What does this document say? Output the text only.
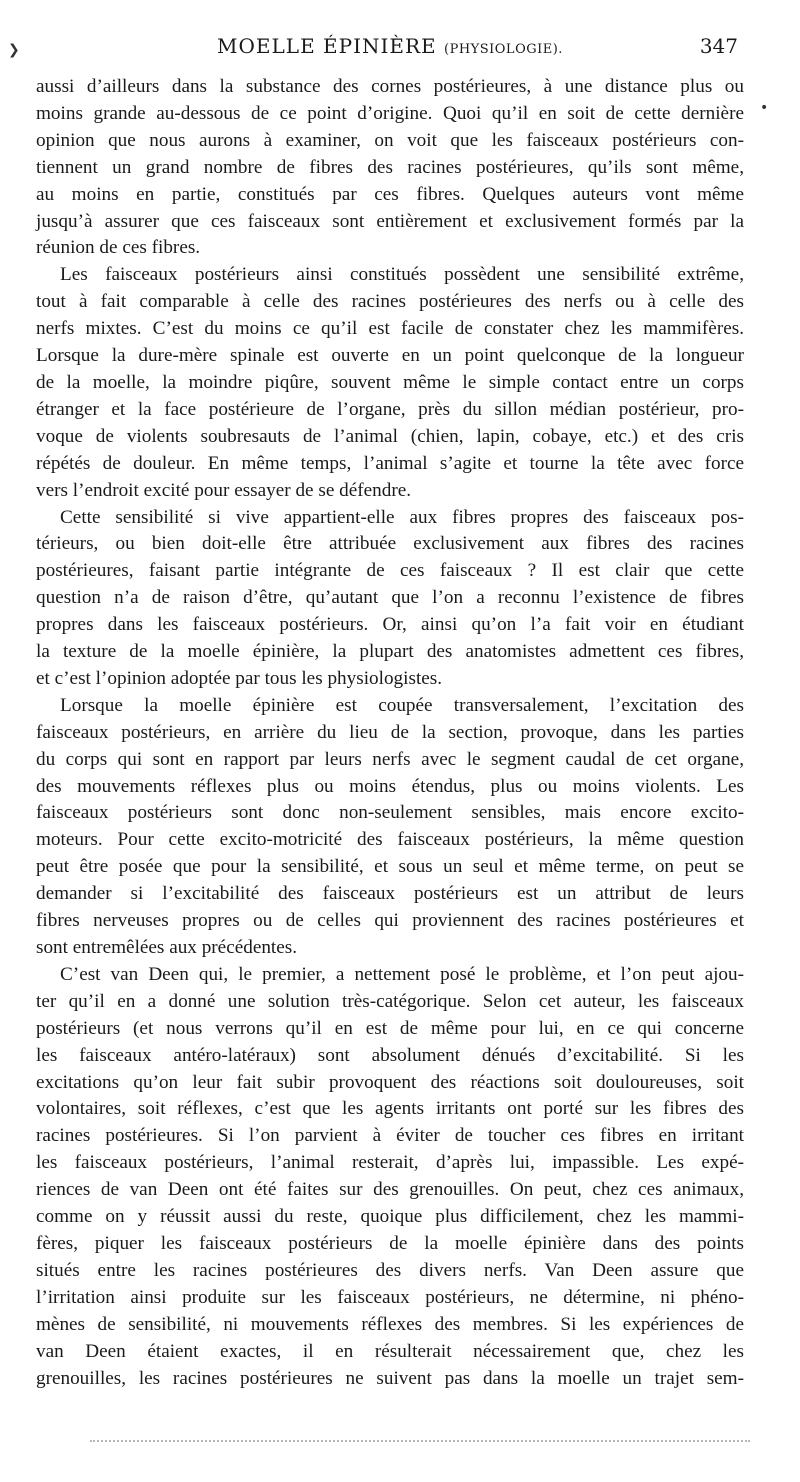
❯
•
MOELLE ÉPINIÈRE (PHYSIOLOGIE).	347
aussi d’ailleurs dans la substance des cornes postérieures, à une distance plus ou
moins grande au-dessous de ce point d’origine. Quoi qu’il en soit de cette dernière
opinion que nous aurons à examiner, on voit que les faisceaux postérieurs con-
tiennent un grand nombre de fibres des racines postérieures, qu’ils sont même,
au moins en partie, constitués par ces fibres. Quelques auteurs vont même
jusqu’à assurer que ces faisceaux sont entièrement et exclusivement formés par la
réunion de ces fibres.
Les faisceaux postérieurs ainsi constitués possèdent une sensibilité extrême,
tout à fait comparable à celle des racines postérieures des nerfs ou à celle des
nerfs mixtes. C’est du moins ce qu’il est facile de constater chez les mammifères.
Lorsque la dure-mère spinale est ouverte en un point quelconque de la longueur
de la moelle, la moindre piqûre, souvent même le simple contact entre un corps
étranger et la face postérieure de l’organe, près du sillon médian postérieur, pro-
voque de violents soubresauts de l’animal (chien, lapin, cobaye, etc.) et des cris
répétés de douleur. En même temps, l’animal s’agite et tourne la tête avec force
vers l’endroit excité pour essayer de se défendre.
Cette sensibilité si vive appartient-elle aux fibres propres des faisceaux pos-
térieurs, ou bien doit-elle être attribuée exclusivement aux fibres des racines
postérieures, faisant partie intégrante de ces faisceaux ? Il est clair que cette
question n’a de raison d’être, qu’autant que l’on a reconnu l’existence de fibres
propres dans les faisceaux postérieurs. Or, ainsi qu’on l’a fait voir en étudiant
la texture de la moelle épinière, la plupart des anatomistes admettent ces fibres,
et c’est l’opinion adoptée par tous les physiologistes.
Lorsque la moelle épinière est coupée transversalement, l’excitation des
faisceaux postérieurs, en arrière du lieu de la section, provoque, dans les parties
du corps qui sont en rapport par leurs nerfs avec le segment caudal de cet organe,
des mouvements réflexes plus ou moins étendus, plus ou moins violents. Les
faisceaux postérieurs sont donc non-seulement sensibles, mais encore excito-
moteurs. Pour cette excito-motricité des faisceaux postérieurs, la même question
peut être posée que pour la sensibilité, et sous un seul et même terme, on peut se
demander si l’excitabilité des faisceaux postérieurs est un attribut de leurs
fibres nerveuses propres ou de celles qui proviennent des racines postérieures et
sont entremêlées aux précédentes.
C’est van Deen qui, le premier, a nettement posé le problème, et l’on peut ajou-
ter qu’il en a donné une solution très-catégorique. Selon cet auteur, les faisceaux
postérieurs (et nous verrons qu’il en est de même pour lui, en ce qui concerne
les faisceaux antéro-latéraux) sont absolument dénués d’excitabilité. Si les
excitations qu’on leur fait subir provoquent des réactions soit douloureuses, soit
volontaires, soit réflexes, c’est que les agents irritants ont porté sur les fibres des
racines postérieures. Si l’on parvient à éviter de toucher ces fibres en irritant
les faisceaux postérieurs, l’animal resterait, d’après lui, impassible. Les expé-
riences de van Deen ont été faites sur des grenouilles. On peut, chez ces animaux,
comme on y réussit aussi du reste, quoique plus difficilement, chez les mammi-
fères, piquer les faisceaux postérieurs de la moelle épinière dans des points
situés entre les racines postérieures des divers nerfs. Van Deen assure que
l’irritation ainsi produite sur les faisceaux postérieurs, ne détermine, ni phéno-
mènes de sensibilité, ni mouvements réflexes des membres. Si les expériences de
van Deen étaient exactes, il en résulterait nécessairement que, chez les
grenouilles, les racines postérieures ne suivent pas dans la moelle un trajet sem-
